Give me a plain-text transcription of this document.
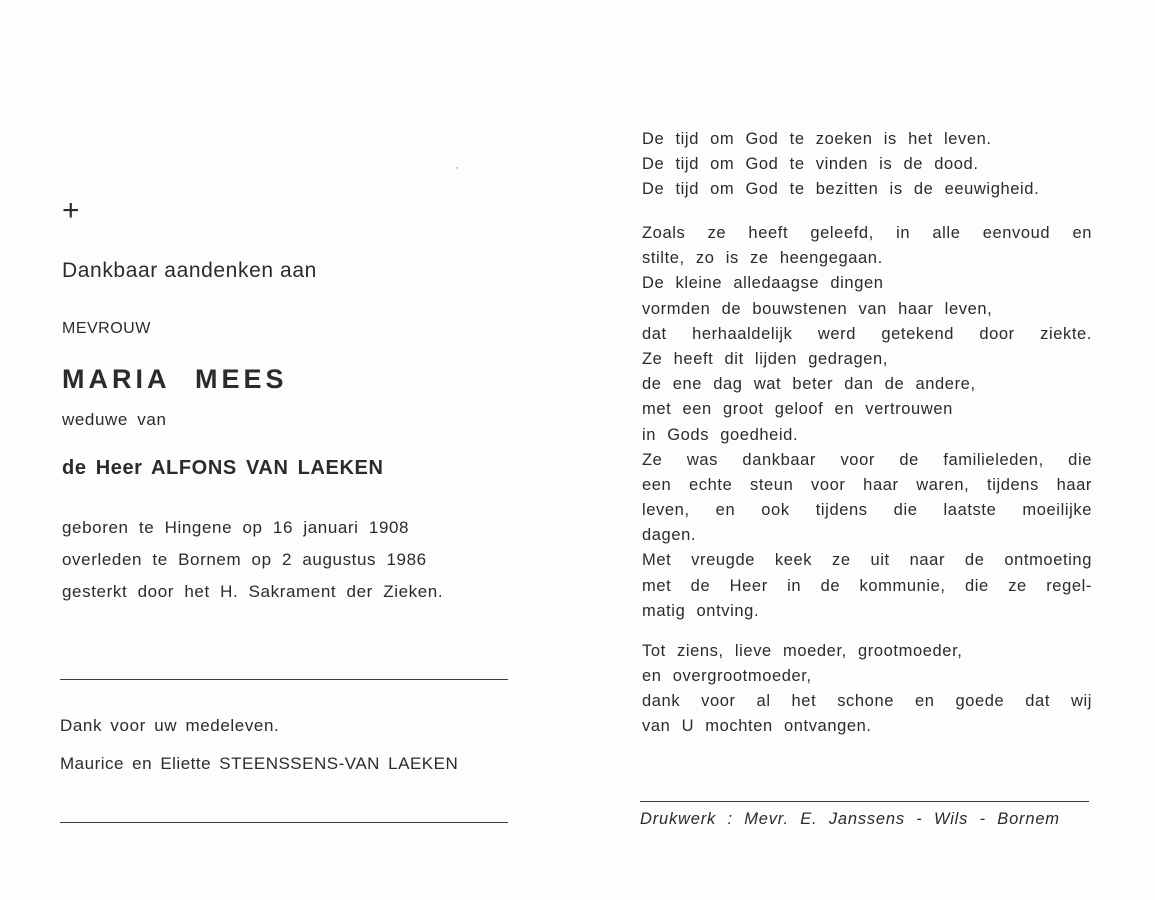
·
+
Dankbaar aandenken aan
MEVROUW
MARIA MEES
weduwe van
de Heer ALFONS VAN LAEKEN
geboren te Hingene op 16 januari 1908
overleden te Bornem op 2 augustus 1986
gesterkt door het H. Sakrament der Zieken.
Dank voor uw medeleven.
Maurice en Eliette STEENSSENS-VAN LAEKEN
De tijd om God te zoeken is het leven.
De tijd om God te vinden is de dood.
De tijd om God te bezitten is de eeuwigheid.
Zoals ze heeft geleefd, in alle eenvoud en
stilte, zo is ze heengegaan.
De kleine alledaagse dingen
vormden de bouwstenen van haar leven,
dat herhaaldelijk werd getekend door ziekte.
Ze heeft dit lijden gedragen,
de ene dag wat beter dan de andere,
met een groot geloof en vertrouwen
in Gods goedheid.
Ze was dankbaar voor de familieleden, die
een echte steun voor haar waren, tijdens haar
leven, en ook tijdens die laatste moeilijke
dagen.
Met vreugde keek ze uit naar de ontmoeting
met de Heer in de kommunie, die ze regel-
matig ontving.
Tot ziens, lieve moeder, grootmoeder,
en overgrootmoeder,
dank voor al het schone en goede dat wij
van U mochten ontvangen.
Drukwerk : Mevr. E. Janssens - Wils - Bornem
